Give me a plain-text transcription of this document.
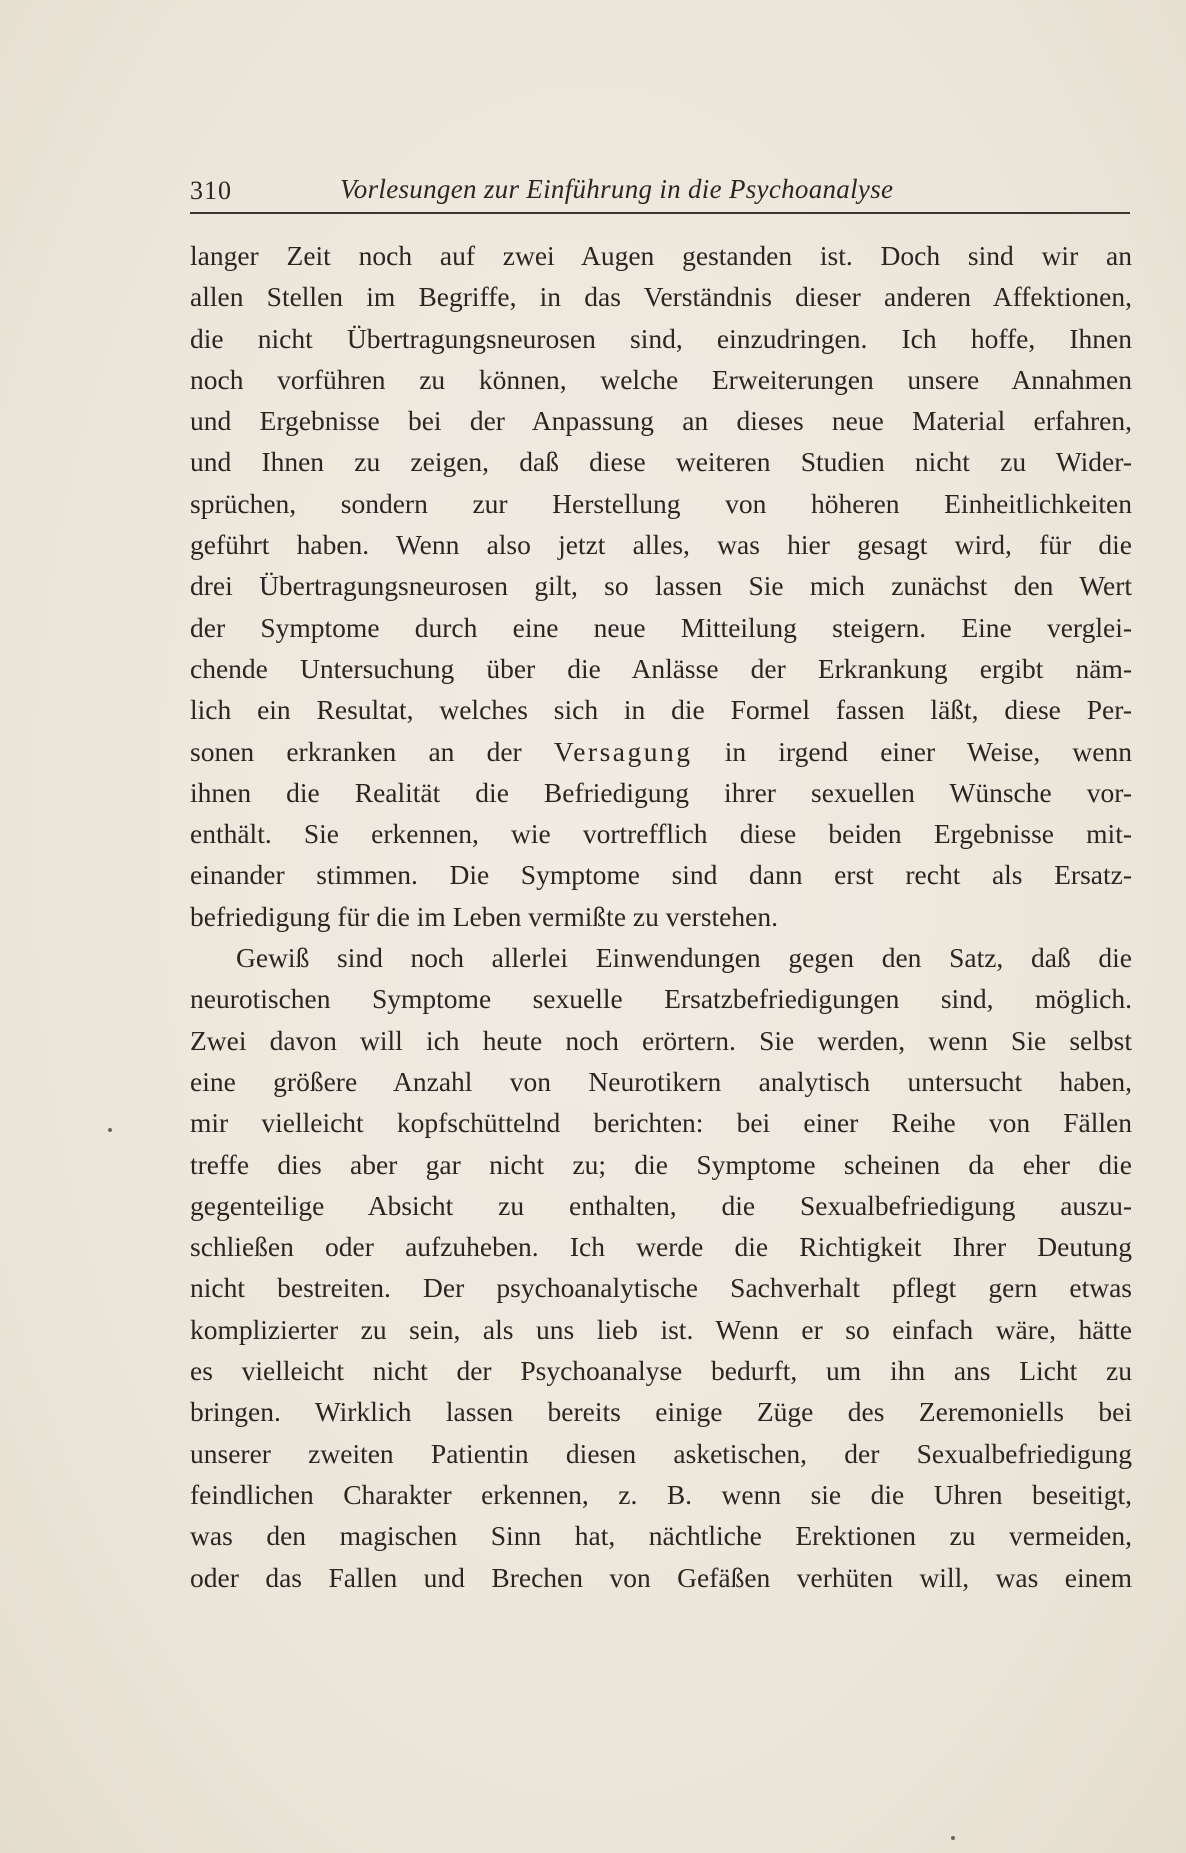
310	Vorlesungen zur Einführung in die Psychoanalyse
langer Zeit noch auf zwei Augen gestanden ist. Doch sind wir an
allen Stellen im Begriffe, in das Verständnis dieser anderen Affektionen,
die nicht Übertragungsneurosen sind, einzudringen. Ich hoffe, Ihnen
noch vorführen zu können, welche Erweiterungen unsere Annahmen
und Ergebnisse bei der Anpassung an dieses neue Material erfahren,
und Ihnen zu zeigen, daß diese weiteren Studien nicht zu Wider-
sprüchen, sondern zur Herstellung von höheren Einheitlichkeiten
geführt haben. Wenn also jetzt alles, was hier gesagt wird, für die
drei Übertragungsneurosen gilt, so lassen Sie mich zunächst den Wert
der Symptome durch eine neue Mitteilung steigern. Eine verglei-
chende Untersuchung über die Anlässe der Erkrankung ergibt näm-
lich ein Resultat, welches sich in die Formel fassen läßt, diese Per-
sonen erkranken an der Versagung in irgend einer Weise, wenn
ihnen die Realität die Befriedigung ihrer sexuellen Wünsche vor-
enthält. Sie erkennen, wie vortrefflich diese beiden Ergebnisse mit-
einander stimmen. Die Symptome sind dann erst recht als Ersatz-
befriedigung für die im Leben vermißte zu verstehen.
Gewiß sind noch allerlei Einwendungen gegen den Satz, daß die
neurotischen Symptome sexuelle Ersatzbefriedigungen sind, möglich.
Zwei davon will ich heute noch erörtern. Sie werden, wenn Sie selbst
eine größere Anzahl von Neurotikern analytisch untersucht haben,
mir vielleicht kopfschüttelnd berichten: bei einer Reihe von Fällen
treffe dies aber gar nicht zu; die Symptome scheinen da eher die
gegenteilige Absicht zu enthalten, die Sexualbefriedigung auszu-
schließen oder aufzuheben. Ich werde die Richtigkeit Ihrer Deutung
nicht bestreiten. Der psychoanalytische Sachverhalt pflegt gern etwas
komplizierter zu sein, als uns lieb ist. Wenn er so einfach wäre, hätte
es vielleicht nicht der Psychoanalyse bedurft, um ihn ans Licht zu
bringen. Wirklich lassen bereits einige Züge des Zeremoniells bei
unserer zweiten Patientin diesen asketischen, der Sexualbefriedigung
feindlichen Charakter erkennen, z. B. wenn sie die Uhren beseitigt,
was den magischen Sinn hat, nächtliche Erektionen zu vermeiden,
oder das Fallen und Brechen von Gefäßen verhüten will, was einem
